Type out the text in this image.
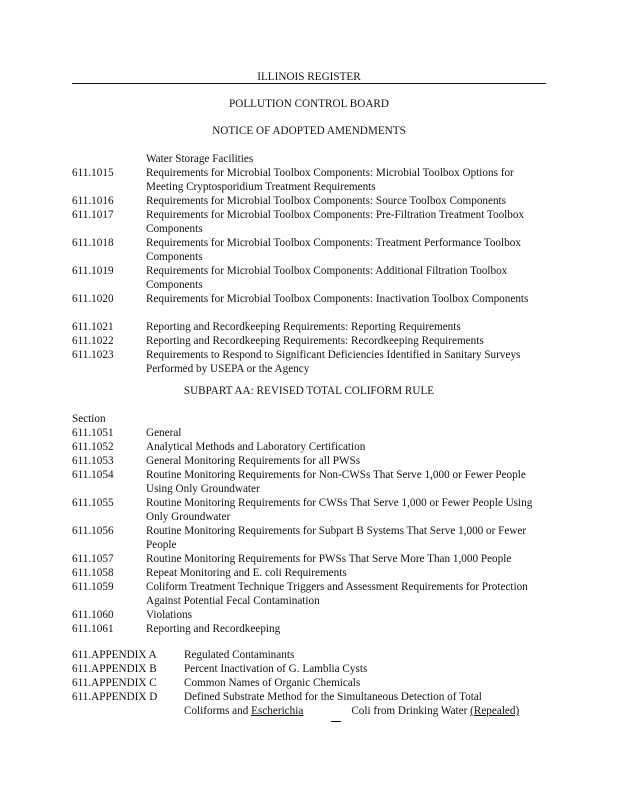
ILLINOIS REGISTER
POLLUTION CONTROL BOARD
NOTICE OF ADOPTED AMENDMENTS
Water Storage Facilities
611.1015	Requirements for Microbial Toolbox Components: Microbial Toolbox Options for Meeting Cryptosporidium Treatment Requirements
611.1016	Requirements for Microbial Toolbox Components: Source Toolbox Components
611.1017	Requirements for Microbial Toolbox Components: Pre-Filtration Treatment Toolbox Components
611.1018	Requirements for Microbial Toolbox Components: Treatment Performance Toolbox Components
611.1019	Requirements for Microbial Toolbox Components: Additional Filtration Toolbox Components
611.1020	Requirements for Microbial Toolbox Components: Inactivation Toolbox Components
611.1021	Reporting and Recordkeeping Requirements: Reporting Requirements
611.1022	Reporting and Recordkeeping Requirements: Recordkeeping Requirements
611.1023	Requirements to Respond to Significant Deficiencies Identified in Sanitary Surveys Performed by USEPA or the Agency
SUBPART AA: REVISED TOTAL COLIFORM RULE
Section
611.1051	General
611.1052	Analytical Methods and Laboratory Certification
611.1053	General Monitoring Requirements for all PWSs
611.1054	Routine Monitoring Requirements for Non-CWSs That Serve 1,000 or Fewer People Using Only Groundwater
611.1055	Routine Monitoring Requirements for CWSs That Serve 1,000 or Fewer People Using Only Groundwater
611.1056	Routine Monitoring Requirements for Subpart B Systems That Serve 1,000 or Fewer People
611.1057	Routine Monitoring Requirements for PWSs That Serve More Than 1,000 People
611.1058	Repeat Monitoring and E. coli Requirements
611.1059	Coliform Treatment Technique Triggers and Assessment Requirements for Protection Against Potential Fecal Contamination
611.1060	Violations
611.1061	Reporting and Recordkeeping
611.APPENDIX A Regulated Contaminants
611.APPENDIX B Percent Inactivation of G. Lamblia Cysts
611.APPENDIX C Common Names of Organic Chemicals
611.APPENDIX D Defined Substrate Method for the Simultaneous Detection of Total
Coliforms and Escherichia	Coli from Drinking Water (Repealed)
